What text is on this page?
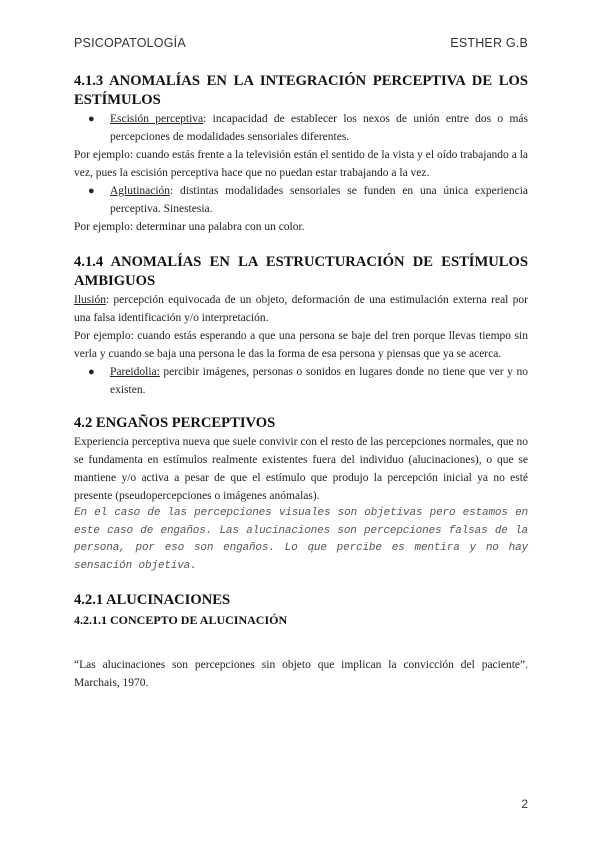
PSICOPATOLOGÍA	ESTHER G.B
4.1.3 ANOMALÍAS EN LA INTEGRACIÓN PERCEPTIVA DE LOS ESTÍMULOS
● Escisión perceptiva: incapacidad de establecer los nexos de unión entre dos o más percepciones de modalidades sensoriales diferentes.

Por ejemplo: cuando estás frente a la televisión están el sentido de la vista y el oído trabajando a la vez, pues la escisión perceptiva hace que no puedan estar trabajando a la vez.

● Aglutinación: distintas modalidades sensoriales se funden en una única experiencia perceptiva. Sinestesia.

Por ejemplo: determinar una palabra con un color.

4.1.4 ANOMALÍAS EN LA ESTRUCTURACIÓN DE ESTÍMULOS AMBIGUOS

Ilusión: percepción equivocada de un objeto, deformación de una estimulación externa real por una falsa identificación y/o interpretación.

Por ejemplo: cuando estás esperando a que una persona se baje del tren porque llevas tiempo sin verla y cuando se baja una persona le das la forma de esa persona y piensas que ya se acerca.

● Pareidolia: percibir imágenes, personas o sonidos en lugares donde no tiene que ver y no existen.
4.2 ENGAÑOS PERCEPTIVOS

Experiencia perceptiva nueva que suele convivir con el resto de las percepciones normales, que no se fundamenta en estímulos realmente existentes fuera del individuo (alucinaciones), o que se mantiene y/o activa a pesar de que el estímulo que produjo la percepción inicial ya no esté presente (pseudopercepciones o imágenes anómalas).

En el caso de las percepciones visuales son objetivas pero estamos en este caso de engaños. Las alucinaciones son percepciones falsas de la persona, por eso son engaños. Lo que percibe es mentira y no hay sensación objetiva.

4.2.1 ALUCINACIONES
4.2.1.1 CONCEPTO DE ALUCINACIÓN

“Las alucinaciones son percepciones sin objeto que implican la convicción del paciente”. Marchais, 1970.

2
